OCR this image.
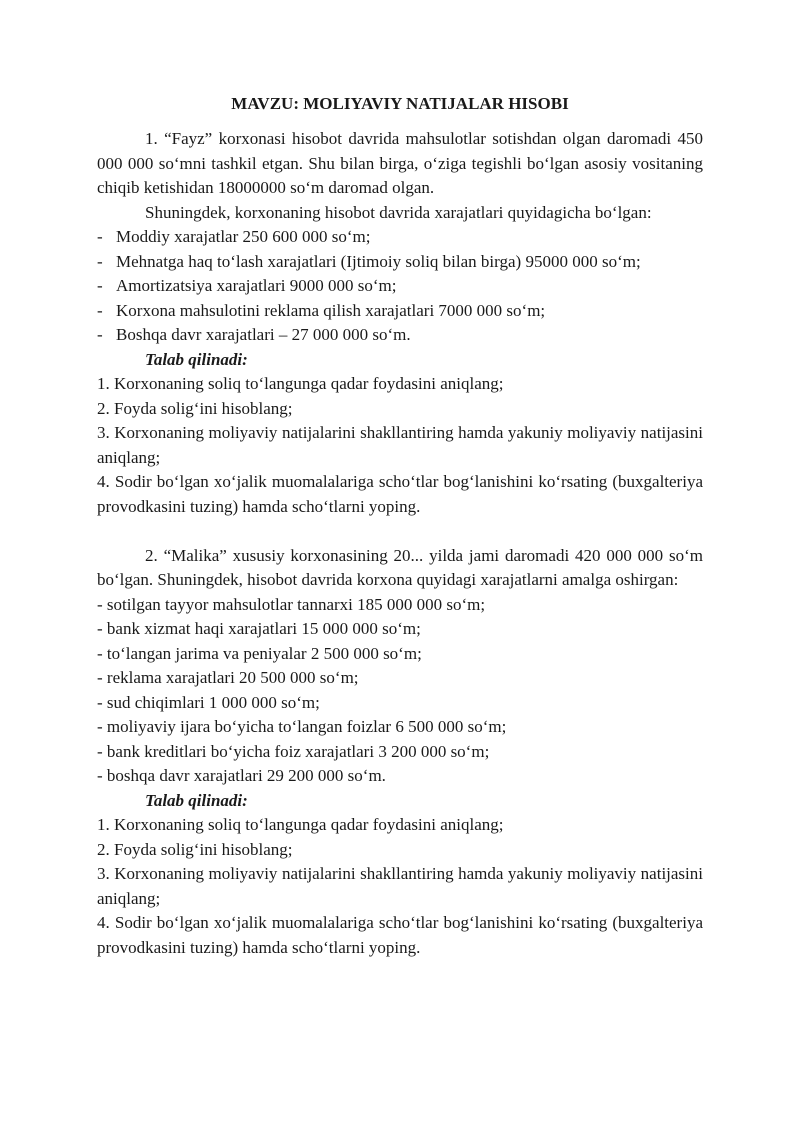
MAVZU: MOLIYAVIY NATIJALAR HISOBI

1. “Fayz” korxonasi hisobot davrida mahsulotlar sotishdan olgan daromadi 450 000 000 so‘mni tashkil etgan. Shu bilan birga, o‘ziga tegishli bo‘lgan asosiy vositaning chiqib ketishidan 18000000 so‘m daromad olgan.

Shuningdek, korxonaning hisobot davrida xarajatlari quyidagicha bo‘lgan:

- Moddiy xarajatlar 250 600 000 so‘m;
- Mehnatga haq to‘lash xarajatlari (Ijtimoiy soliq bilan birga) 95000 000 so‘m;
- Amortizatsiya xarajatlari 9000 000 so‘m;
- Korxona mahsulotini reklama qilish xarajatlari 7000 000 so‘m;
- Boshqa davr xarajatlari – 27 000 000 so‘m.

Talab qilinadi:

1. Korxonaning soliq to‘langunga qadar foydasini aniqlang;

2. Foyda solig‘ini hisoblang;

3. Korxonaning moliyaviy natijalarini shakllantiring hamda yakuniy moliyaviy natijasini aniqlang;

4. Sodir bo‘lgan xo‘jalik muomalalariga scho‘tlar bog‘lanishini ko‘rsating (buxgalteriya provodkasini tuzing) hamda scho‘tlarni yoping.

2. “Malika” xususiy korxonasining 20... yilda jami daromadi 420 000 000 so‘m bo‘lgan. Shuningdek, hisobot davrida korxona quyidagi xarajatlarni amalga oshirgan:

- sotilgan tayyor mahsulotlar tannarxi 185 000 000 so‘m;

- bank xizmat haqi xarajatlari 15 000 000 so‘m;

- to‘langan jarima va peniyalar 2 500 000 so‘m;

- reklama xarajatlari 20 500 000 so‘m;

- sud chiqimlari 1 000 000 so‘m;

- moliyaviy ijara bo‘yicha to‘langan foizlar 6 500 000 so‘m;

- bank kreditlari bo‘yicha foiz xarajatlari 3 200 000 so‘m;

- boshqa davr xarajatlari 29 200 000 so‘m.

Talab qilinadi:

1. Korxonaning soliq to‘langunga qadar foydasini aniqlang;

2. Foyda solig‘ini hisoblang;

3. Korxonaning moliyaviy natijalarini shakllantiring hamda yakuniy moliyaviy natijasini aniqlang;

4. Sodir bo‘lgan xo‘jalik muomalalariga scho‘tlar bog‘lanishini ko‘rsating (buxgalteriya provodkasini tuzing) hamda scho‘tlarni yoping.
